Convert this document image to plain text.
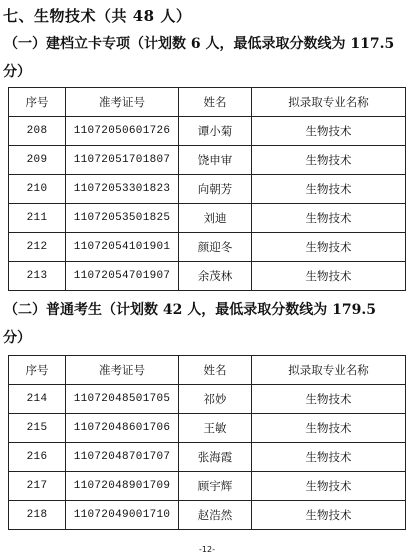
七、生物技术（共 48 人）
（一）建档立卡专项（计划数 6 人，最低录取分数线为 117.5
分）
序号	准考证号	姓名	拟录取专业名称
208	11072050601726	谭小菊	生物技术
209	11072051701807	饶申审	生物技术
210	11072053301823	向朝芳	生物技术
211	11072053501825	刘迪	生物技术
212	11072054101901	颜迎冬	生物技术
213	11072054701907	余茂林	生物技术
（二）普通考生（计划数 42 人，最低录取分数线为 179.5
分）
序号	准考证号	姓名	拟录取专业名称
214	11072048501705	祁妙	生物技术
215	11072048601706	王敏	生物技术
216	11072048701707	张海霞	生物技术
217	11072048901709	顾宇辉	生物技术
218	11072049001710	赵浩然	生物技术
-12-
